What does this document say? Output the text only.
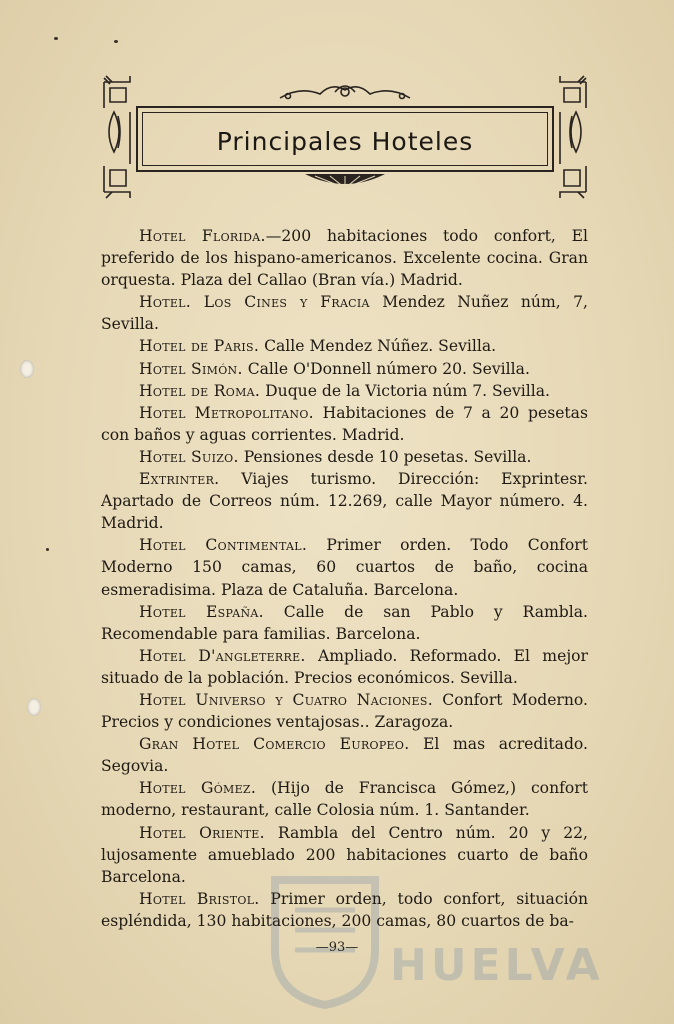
HUELVA
Principales Hoteles

Hotel Florida.—200 habitaciones todo confort, El preferido de los hispano-americanos. Excelente cocina. Gran orquesta. Plaza del Callao (Bran vía.) Madrid.

Hotel. Los Cines y Fracia Mendez Nuñez núm, 7, Sevilla.

Hotel de Paris. Calle Mendez Núñez. Sevilla.

Hotel Simón. Calle O'Donnell número 20. Sevilla.

Hotel de Roma. Duque de la Victoria núm 7. Sevilla.

Hotel Metropolitano. Habitaciones de 7 a 20 pesetas con baños y aguas corrientes. Madrid.

Hotel Suizo. Pensiones desde 10 pesetas. Sevilla.

Extrinter. Viajes turismo. Dirección: Exprintesr. Apartado de Correos núm. 12.269, calle Mayor número. 4. Madrid.

Hotel Contimental. Primer orden. Todo Confort Moderno 150 camas, 60 cuartos de baño, cocina esmeradisima. Plaza de Cataluña. Barcelona.

Hotel España. Calle de san Pablo y Rambla. Recomendable para familias. Barcelona.

Hotel D'angleterre. Ampliado. Reformado. El mejor situado de la población. Precios económicos. Sevilla.

Hotel Universo y Cuatro Naciones. Confort Moderno. Precios y condiciones ventajosas.. Zaragoza.

Gran Hotel Comercio Europeo. El mas acreditado. Segovia.

Hotel Gómez. (Hijo de Francisca Gómez,) confort moderno, restaurant, calle Colosia núm. 1. Santander.

Hotel Oriente. Rambla del Centro núm. 20 y 22, lujosamente amueblado 200 habitaciones cuarto de baño Barcelona.

Hotel Bristol. Primer orden, todo confort, situación espléndida, 130 habitaciones, 200 camas, 80 cuartos de ba-

—93—
